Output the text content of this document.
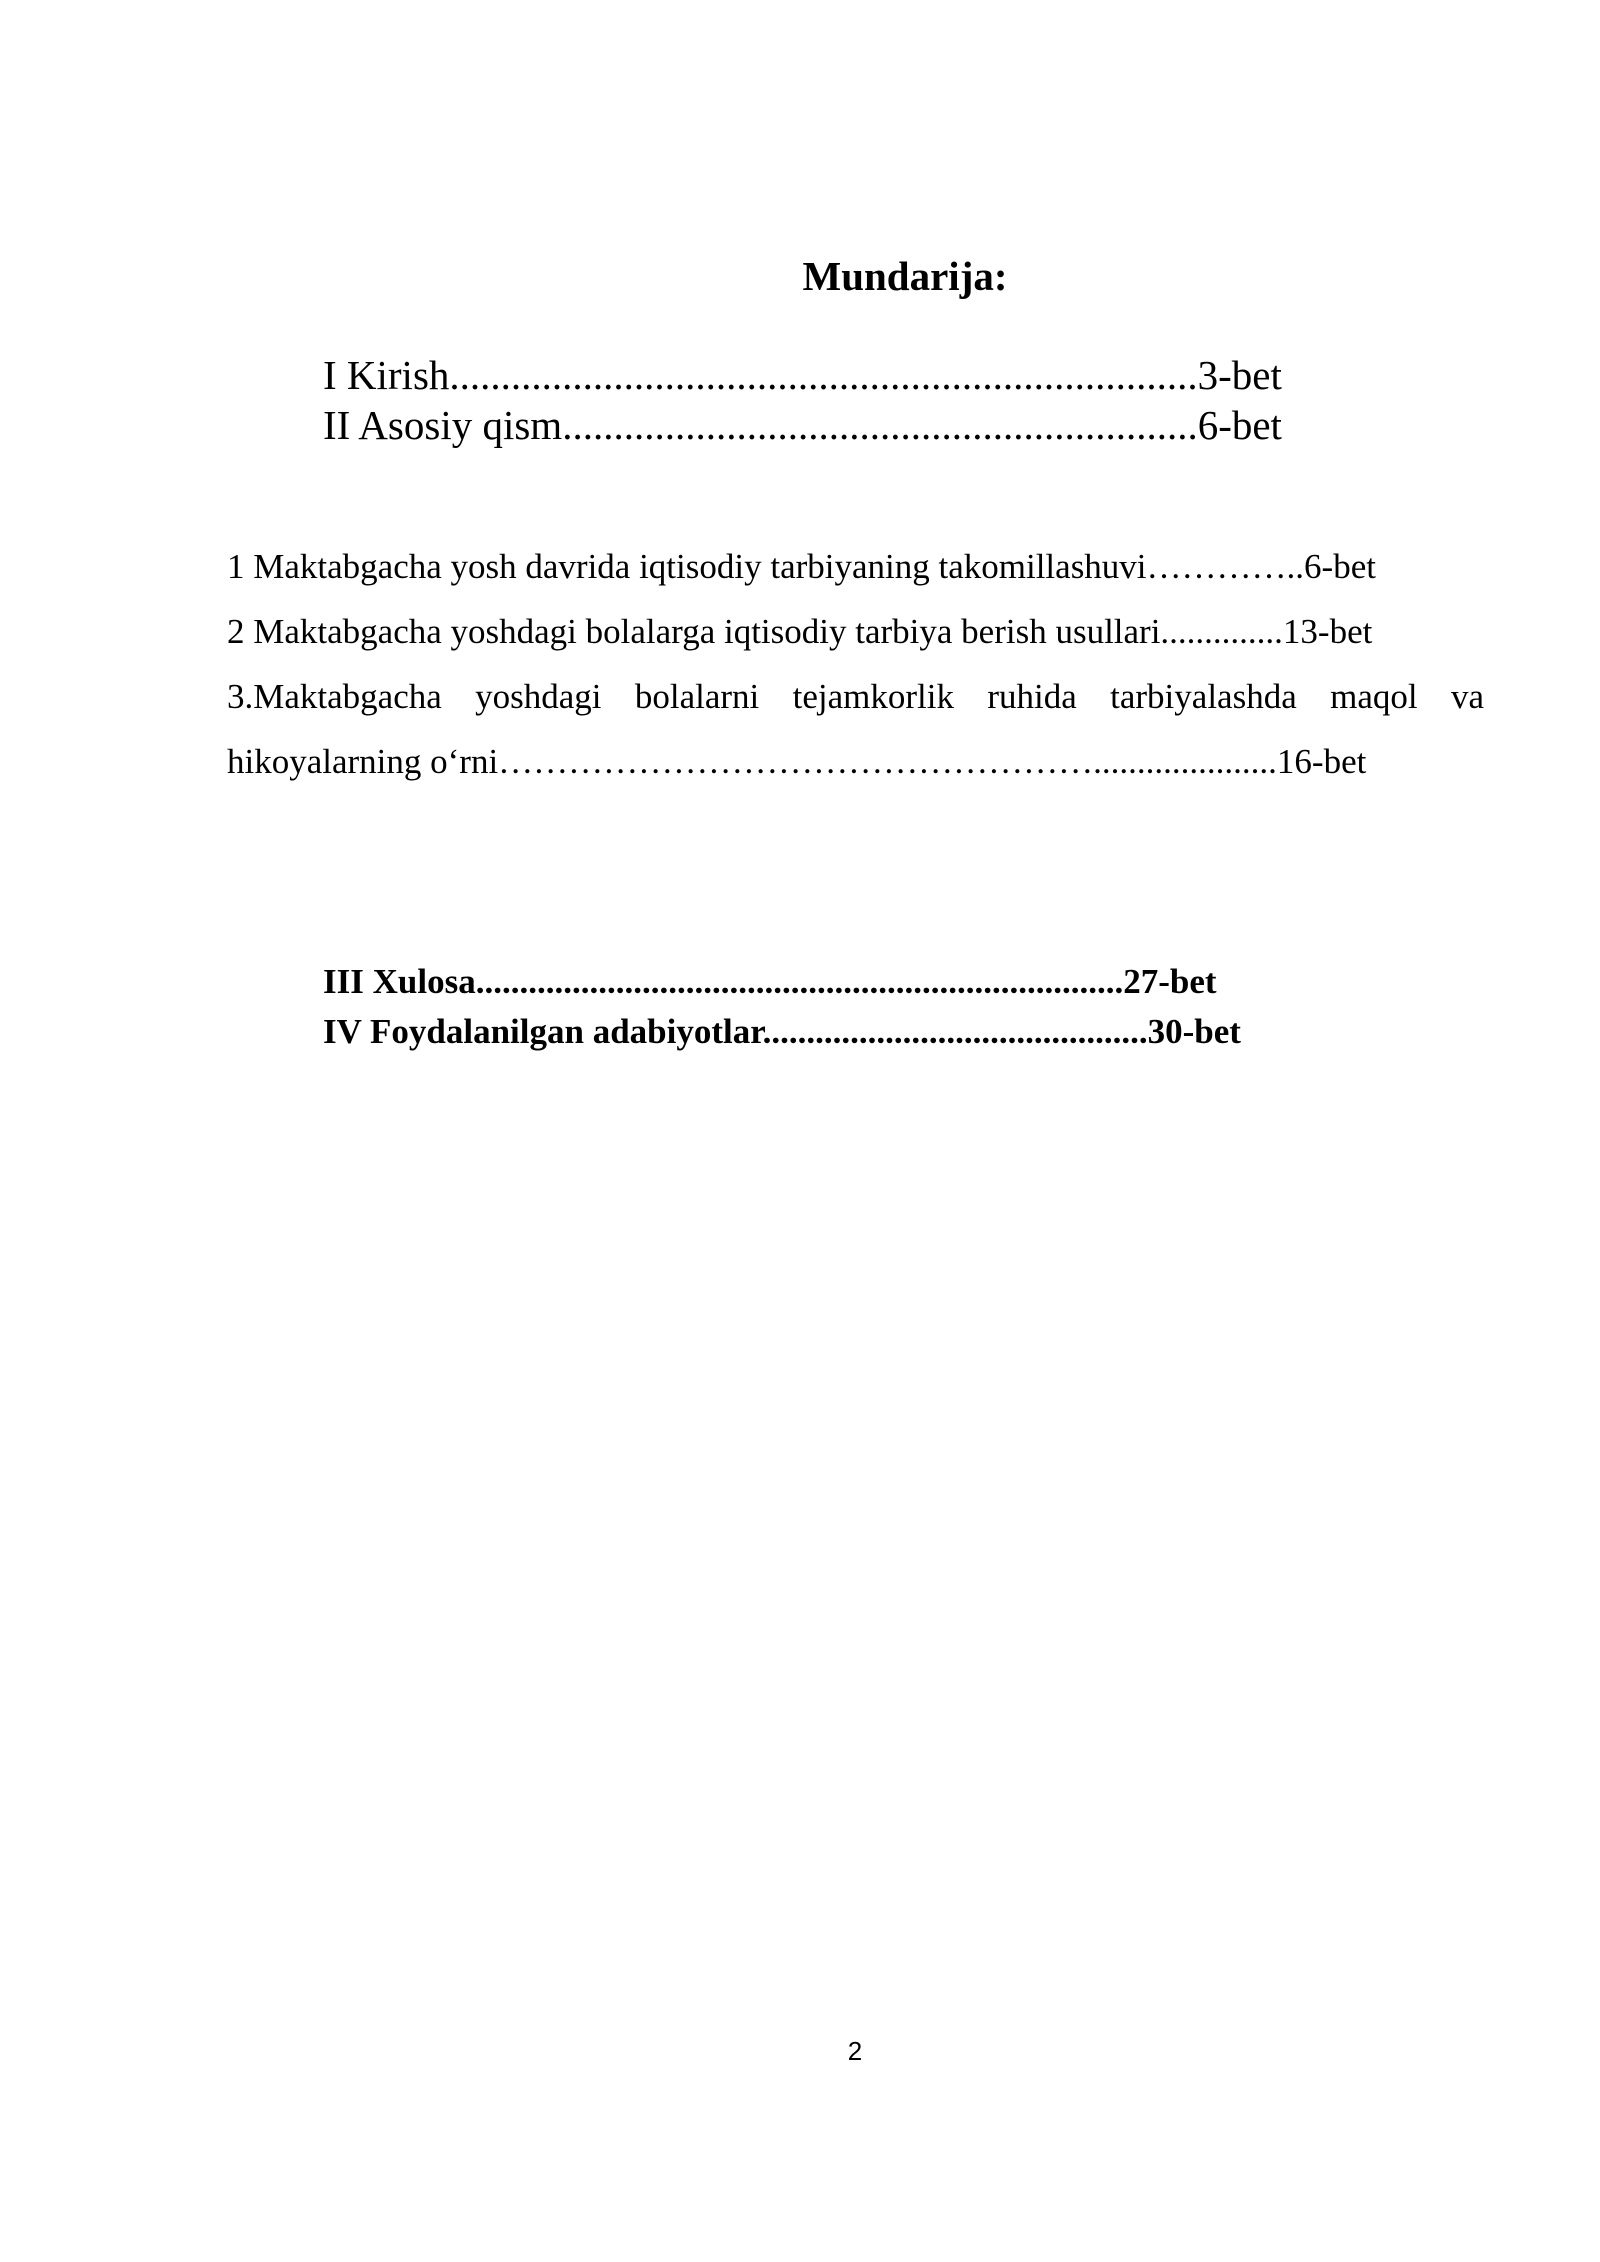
Mundarija:

I Kirish.........................................................................3-bet

II Asosiy qism..............................................................6-bet

1 Maktabgacha yosh davrida iqtisodiy tarbiyaning takomillashuvi…………..6-bet

2 Maktabgacha yoshdagi bolalarga iqtisodiy tarbiya berish usullari..............13-bet

3.Maktabgacha yoshdagi bolalarni tejamkorlik ruhida tarbiyalashda maqol va

hikoyalarning o‘rni…………………………………………….....................16-bet

III Xulosa..........................................................................27-bet

IV Foydalanilgan adabiyotlar............................................30-bet

2
